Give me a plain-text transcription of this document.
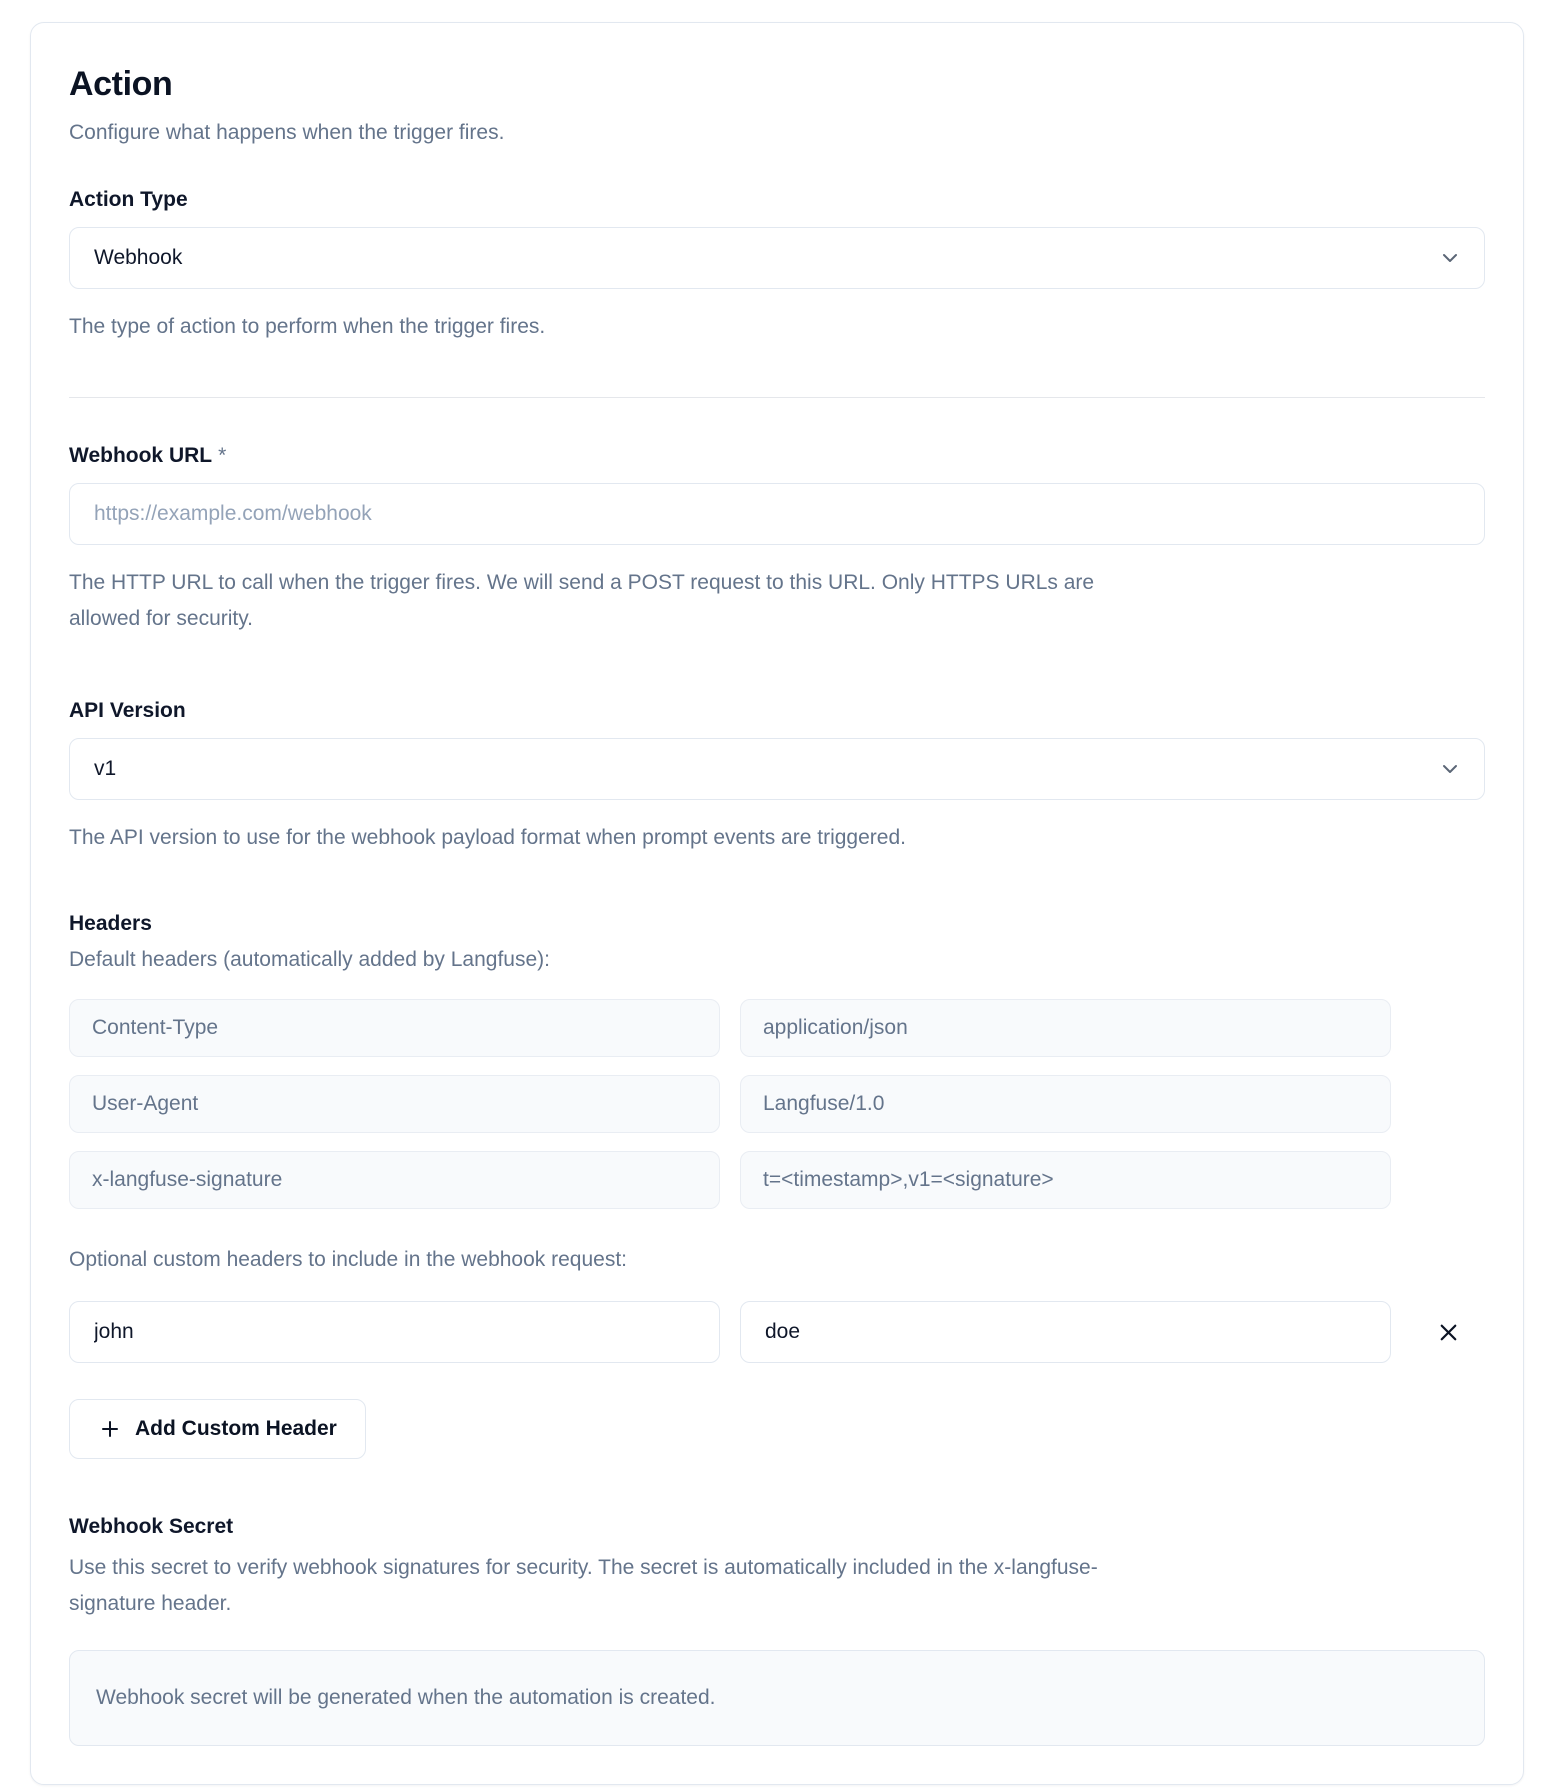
Action

Configure what happens when the trigger fires.

Action Type
Webhook

The type of action to perform when the trigger fires.

Webhook URL *
https://example.com/webhook

The HTTP URL to call when the trigger fires. We will send a POST request to this URL. Only HTTPS URLs are
allowed for security.

API Version
v1

The API version to use for the webhook payload format when prompt events are triggered.

Headers

Default headers (automatically added by Langfuse):

Content-Type
application/json
User-Agent
Langfuse/1.0
x-langfuse-signature
t=<timestamp>,v1=<signature>

Optional custom headers to include in the webhook request:

john
doe
Add Custom Header
Webhook Secret

Use this secret to verify webhook signatures for security. The secret is automatically included in the x-langfuse-
signature header.

Webhook secret will be generated when the automation is created.
